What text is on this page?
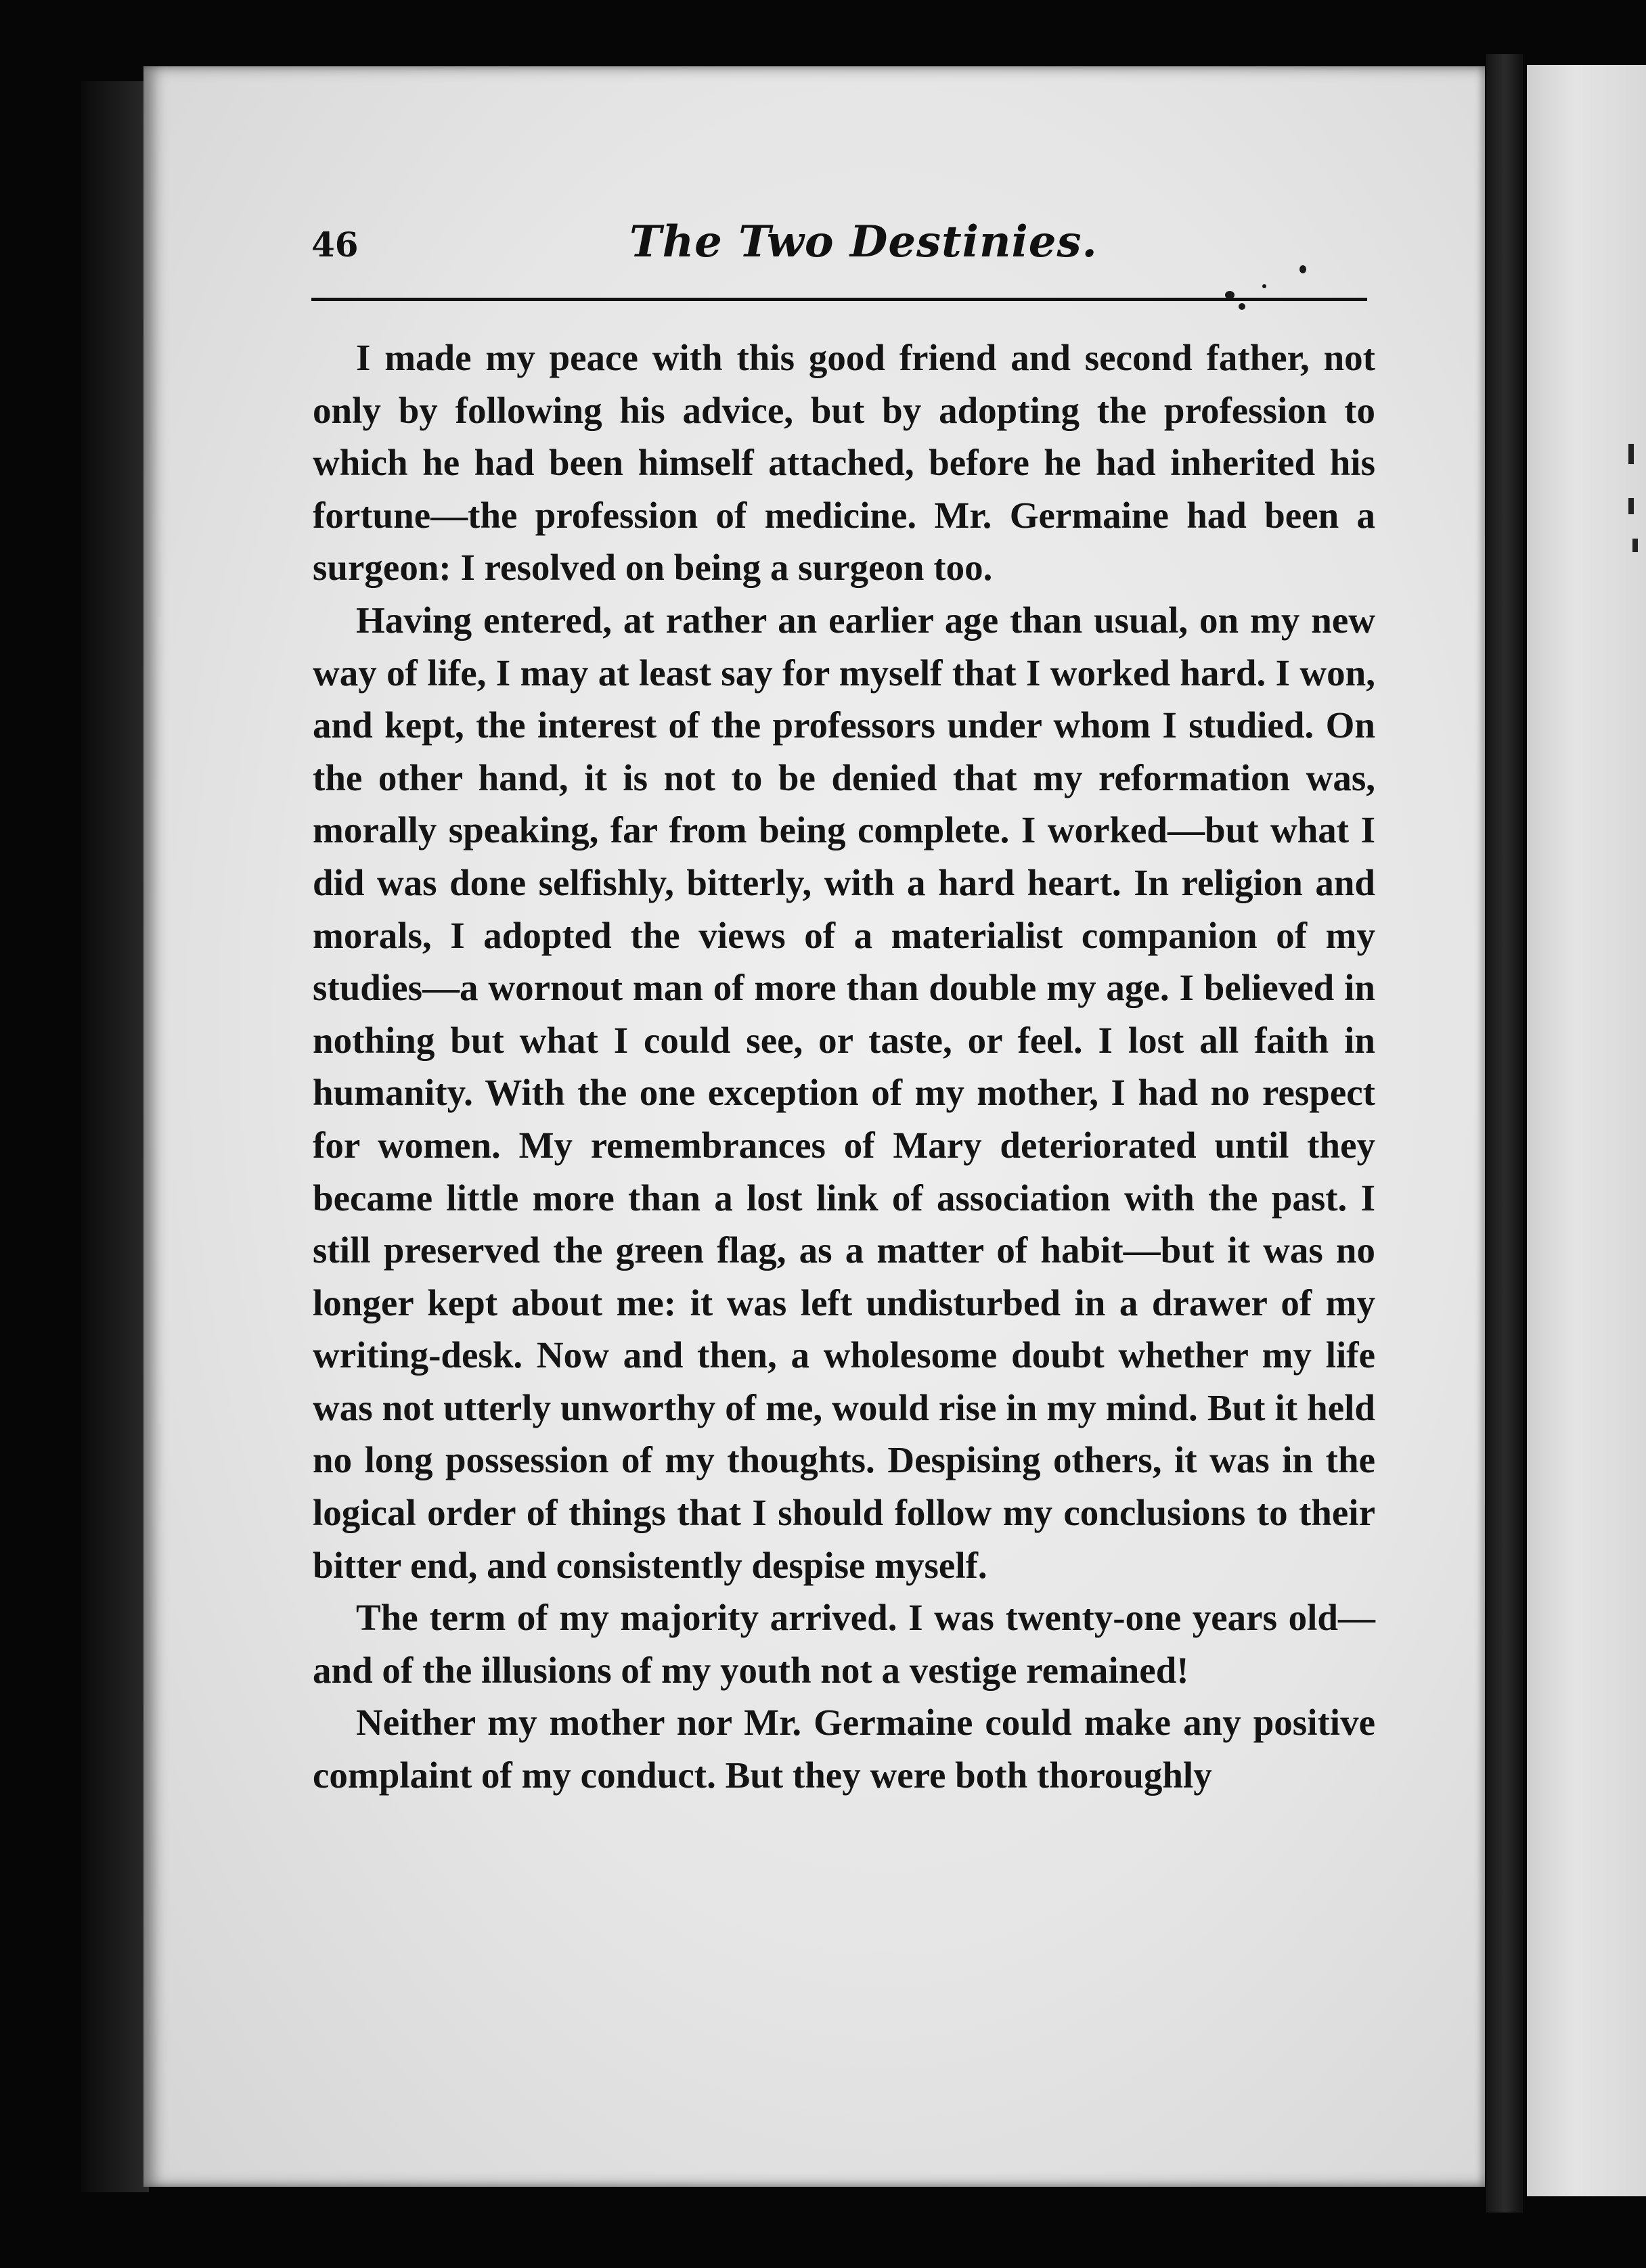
46	The Two Destinies.

I made my peace with this good friend and second father, not only by following his advice, but by adopting the profession to which he had been himself attached, before he had inherited his fortune—the profession of medicine. Mr. Germaine had been a surgeon: I resolved on being a surgeon too.

Having entered, at rather an earlier age than usual, on my new way of life, I may at least say for myself that I worked hard. I won, and kept, the interest of the professors under whom I studied. On the other hand, it is not to be denied that my reformation was, morally speaking, far from being complete. I worked—but what I did was done selfishly, bitterly, with a hard heart. In religion and morals, I adopted the views of a materialist companion of my studies—a wornout man of more than double my age. I believed in nothing but what I could see, or taste, or feel. I lost all faith in humanity. With the one exception of my mother, I had no respect for women. My remembrances of Mary deteriorated until they became little more than a lost link of association with the past. I still preserved the green flag, as a matter of habit—but it was no longer kept about me: it was left undisturbed in a drawer of my writing-desk. Now and then, a wholesome doubt whether my life was not utterly unworthy of me, would rise in my mind. But it held no long possession of my thoughts. Despising others, it was in the logical order of things that I should follow my conclusions to their bitter end, and consistently despise myself.

The term of my majority arrived. I was twenty-one years old—and of the illusions of my youth not a vestige remained!

Neither my mother nor Mr. Germaine could make any positive complaint of my conduct. But they were both thoroughly
